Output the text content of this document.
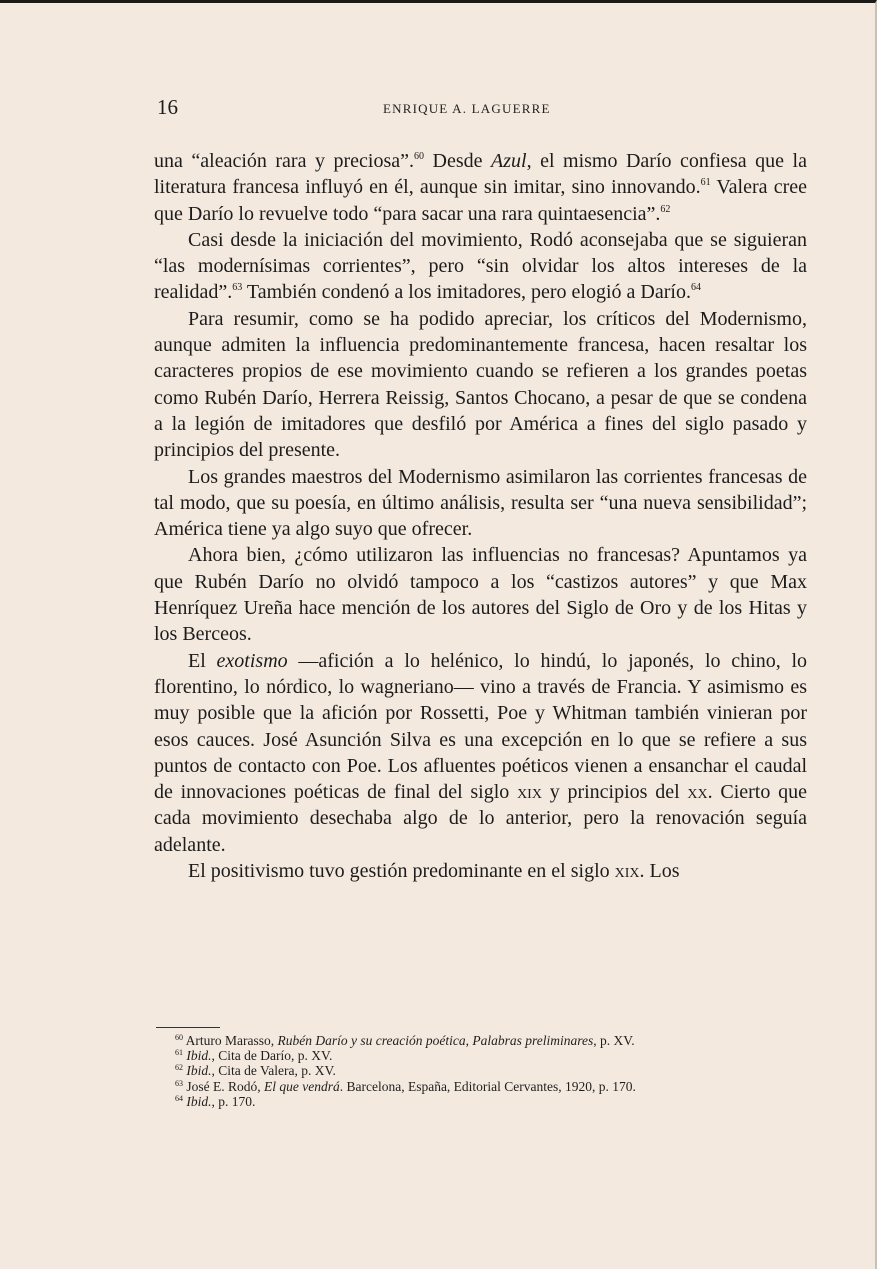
16	ENRIQUE A. LAGUERRE

una “aleación rara y preciosa”.$^{60}$ Desde Azul, el mismo Darío confiesa que la literatura francesa influyó en él, aunque sin imitar, sino innovando.$^{61}$ Valera cree que Darío lo revuelve todo “para sacar una rara quintaesencia”.$^{62}$

Casi desde la iniciación del movimiento, Rodó aconsejaba que se siguieran “las modernísimas corrientes”, pero “sin olvidar los altos intereses de la realidad”.$^{63}$ También condenó a los imitadores, pero elogió a Darío.$^{64}$

Para resumir, como se ha podido apreciar, los críticos del Modernismo, aunque admiten la influencia predominantemente francesa, hacen resaltar los caracteres propios de ese movimiento cuando se refieren a los grandes poetas como Rubén Darío, Herrera Reissig, Santos Chocano, a pesar de que se condena a la legión de imitadores que desfiló por América a fines del siglo pasado y principios del presente.

Los grandes maestros del Modernismo asimilaron las corrientes francesas de tal modo, que su poesía, en último análisis, resulta ser “una nueva sensibilidad”; América tiene ya algo suyo que ofrecer.

Ahora bien, ¿cómo utilizaron las influencias no francesas? Apuntamos ya que Rubén Darío no olvidó tampoco a los “castizos autores” y que Max Henríquez Ureña hace mención de los autores del Siglo de Oro y de los Hitas y los Berceos.

El exotismo —afición a lo helénico, lo hindú, lo japonés, lo chino, lo florentino, lo nórdico, lo wagneriano— vino a través de Francia. Y asimismo es muy posible que la afición por Rossetti, Poe y Whitman también vinieran por esos cauces. José Asunción Silva es una excepción en lo que se refiere a sus puntos de contacto con Poe. Los afluentes poéticos vienen a ensanchar el caudal de innovaciones poéticas de final del siglo xix y principios del xx. Cierto que cada movimiento desechaba algo de lo anterior, pero la renovación seguía adelante.

El positivismo tuvo gestión predominante en el siglo xix. Los

$^{60}$ Arturo Marasso, Rubén Darío y su creación poética, Palabras preliminares, p. XV.

$^{61}$ Ibid., Cita de Darío, p. XV.

$^{62}$ Ibid., Cita de Valera, p. XV.

$^{63}$ José E. Rodó, El que vendrá. Barcelona, España, Editorial Cervantes, 1920, p. 170.

$^{64}$ Ibid., p. 170.
